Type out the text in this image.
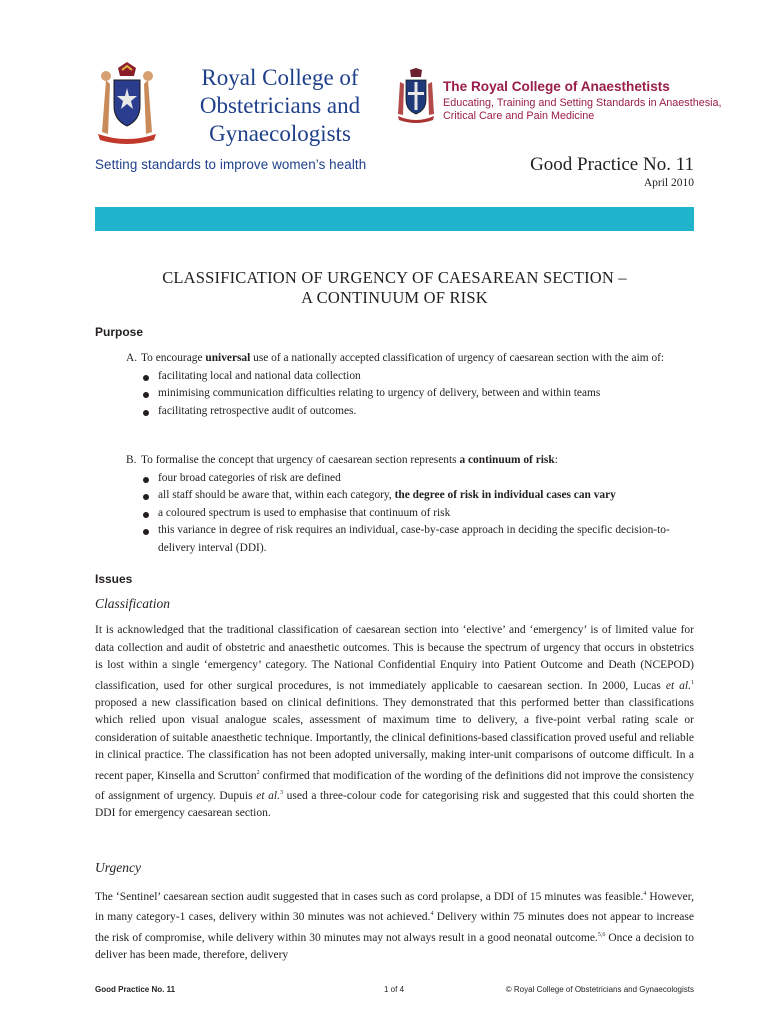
Royal College of
Obstetricians and
Gynaecologists
Setting standards to improve women’s health
The Royal College of Anaesthetists
Educating, Training and Setting Standards in Anaesthesia,
Critical Care and Pain Medicine
Good Practice No. 11
April 2010
CLASSIFICATION OF URGENCY OF CAESAREAN SECTION –
A CONTINUUM OF RISK
Purpose
A. To encourage universal use of a nationally accepted classification of urgency of caesarean section with the aim of:

facilitating local and national data collection
minimising communication difficulties relating to urgency of delivery, between and within teams
facilitating retrospective audit of outcomes.
B. To formalise the concept that urgency of caesarean section represents a continuum of risk:

four broad categories of risk are defined
all staff should be aware that, within each category, the degree of risk in individual cases can vary
a coloured spectrum is used to emphasise that continuum of risk
this variance in degree of risk requires an individual, case-by-case approach in deciding the specific decision-to-delivery interval (DDI).
Issues
Classification

It is acknowledged that the traditional classification of caesarean section into ‘elective’ and ‘emergency’ is of limited value for data collection and audit of obstetric and anaesthetic outcomes. This is because the spectrum of urgency that occurs in obstetrics is lost within a single ‘emergency’ category. The National Confidential Enquiry into Patient Outcome and Death (NCEPOD) classification, used for other surgical procedures, is not immediately applicable to caesarean section. In 2000, Lucas et al.$^1$ proposed a new classification based on clinical definitions. They demonstrated that this performed better than classifications which relied upon visual analogue scales, assessment of maximum time to delivery, a five-point verbal rating scale or consideration of suitable anaesthetic technique. Importantly, the clinical definitions-based classification proved useful and reliable in clinical practice. The classification has not been adopted universally, making inter-unit comparisons of outcome difficult. In a recent paper, Kinsella and Scrutton$^2$ confirmed that modification of the wording of the definitions did not improve the consistency of assignment of urgency. Dupuis et al.$^3$ used a three-colour code for categorising risk and suggested that this could shorten the DDI for emergency caesarean section.

Urgency

The ‘Sentinel’ caesarean section audit suggested that in cases such as cord prolapse, a DDI of 15 minutes was feasible.$^4$ However, in many category-1 cases, delivery within 30 minutes was not achieved.$^4$ Delivery within 75 minutes does not appear to increase the risk of compromise, while delivery within 30 minutes may not always result in a good neonatal outcome.$^{5,6}$ Once a decision to deliver has been made, therefore, delivery

Good Practice No. 11	1 of 4	© Royal College of Obstetricians and Gynaecologists
